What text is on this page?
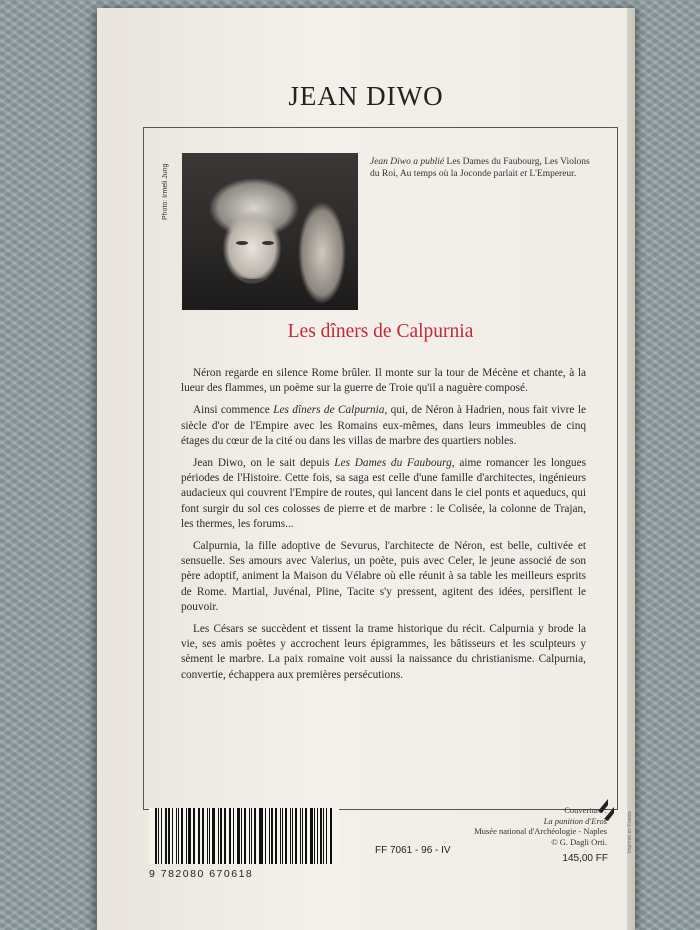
JEAN DIWO
Photo: Irmeli Jung
Jean Diwo a publié Les Dames du Faubourg, Les Violons du Roi, Au temps où la Joconde parlait et L'Empereur.
Les dîners de Calpurnia

Néron regarde en silence Rome brûler. Il monte sur la tour de Mécène et chante, à la lueur des flammes, un poème sur la guerre de Troie qu'il a naguère composé.

Ainsi commence Les dîners de Calpurnia, qui, de Néron à Hadrien, nous fait vivre le siècle d'or de l'Empire avec les Romains eux-mêmes, dans leurs immeubles de cinq étages du cœur de la cité ou dans les villas de marbre des quartiers nobles.

Jean Diwo, on le sait depuis Les Dames du Faubourg, aime romancer les longues périodes de l'Histoire. Cette fois, sa saga est celle d'une famille d'architectes, ingénieurs audacieux qui couvrent l'Empire de routes, qui lancent dans le ciel ponts et aqueducs, qui font surgir du sol ces colosses de pierre et de marbre : le Colisée, la colonne de Trajan, les thermes, les forums...

Calpurnia, la fille adoptive de Sevurus, l'architecte de Néron, est belle, cultivée et sensuelle. Ses amours avec Valerius, un poète, puis avec Celer, le jeune associé de son père adoptif, animent la Maison du Vélabre où elle réunit à sa table les meilleurs esprits de Rome. Martial, Juvénal, Pline, Tacite s'y pressent, agitent des idées, persiflent le pouvoir.

Les Césars se succèdent et tissent la trame historique du récit. Calpurnia y brode la vie, ses amis poètes y accrochent leurs épigrammes, les bâtisseurs et les sculpteurs y sèment le marbre. La paix romaine voit aussi la naissance du christianisme. Calpurnia, convertie, échappera aux premières persécutions.

Imprimé en France
Couverture :
La punition d'Eros
Musée national d'Archéologie - Naples
© G. Dagli Orti.
9 782080 670618
FF 7061 - 96 - IV
145,00 FF
